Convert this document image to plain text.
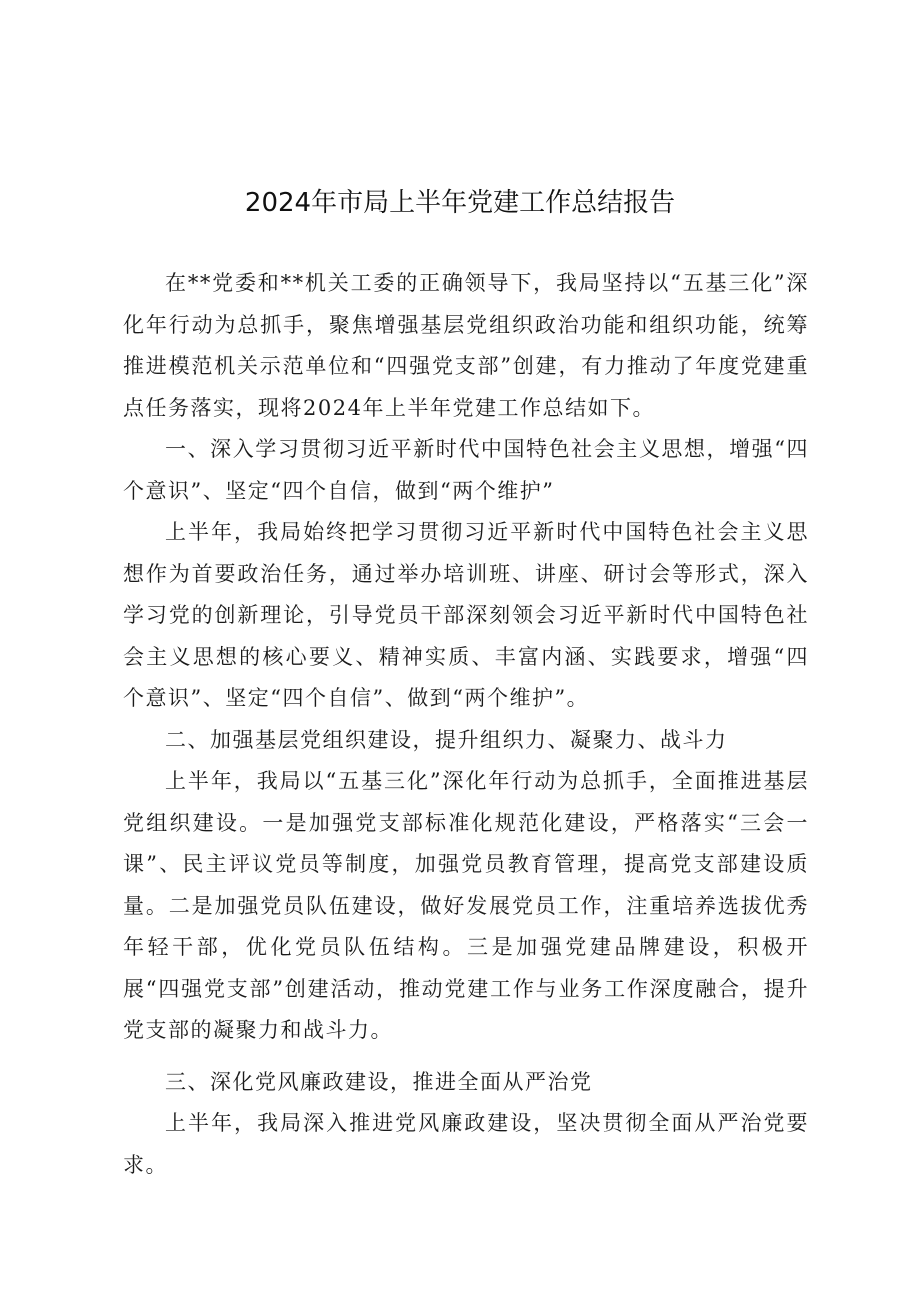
2024年市局上半年党建工作总结报告

在**党委和**机关工委的正确领导下，我局坚持以“五基三化”深化年行动为总抓手，聚焦增强基层党组织政治功能和组织功能，统筹推进模范机关示范单位和“四强党支部”创建，有力推动了年度党建重点任务落实，现将2024年上半年党建工作总结如下。

一、深入学习贯彻习近平新时代中国特色社会主义思想，增强“四个意识”、坚定“四个自信，做到“两个维护”

上半年，我局始终把学习贯彻习近平新时代中国特色社会主义思想作为首要政治任务，通过举办培训班、讲座、研讨会等形式，深入学习党的创新理论，引导党员干部深刻领会习近平新时代中国特色社会主义思想的核心要义、精神实质、丰富内涵、实践要求，增强“四个意识”、坚定“四个自信”、做到“两个维护”。

二、加强基层党组织建设，提升组织力、凝聚力、战斗力

上半年，我局以“五基三化”深化年行动为总抓手，全面推进基层党组织建设。一是加强党支部标准化规范化建设，严格落实“三会一课”、民主评议党员等制度，加强党员教育管理，提高党支部建设质量。二是加强党员队伍建设，做好发展党员工作，注重培养选拔优秀年轻干部，优化党员队伍结构。三是加强党建品牌建设，积极开展“四强党支部”创建活动，推动党建工作与业务工作深度融合，提升党支部的凝聚力和战斗力。

三、深化党风廉政建设，推进全面从严治党

上半年，我局深入推进党风廉政建设，坚决贯彻全面从严治党要求。
